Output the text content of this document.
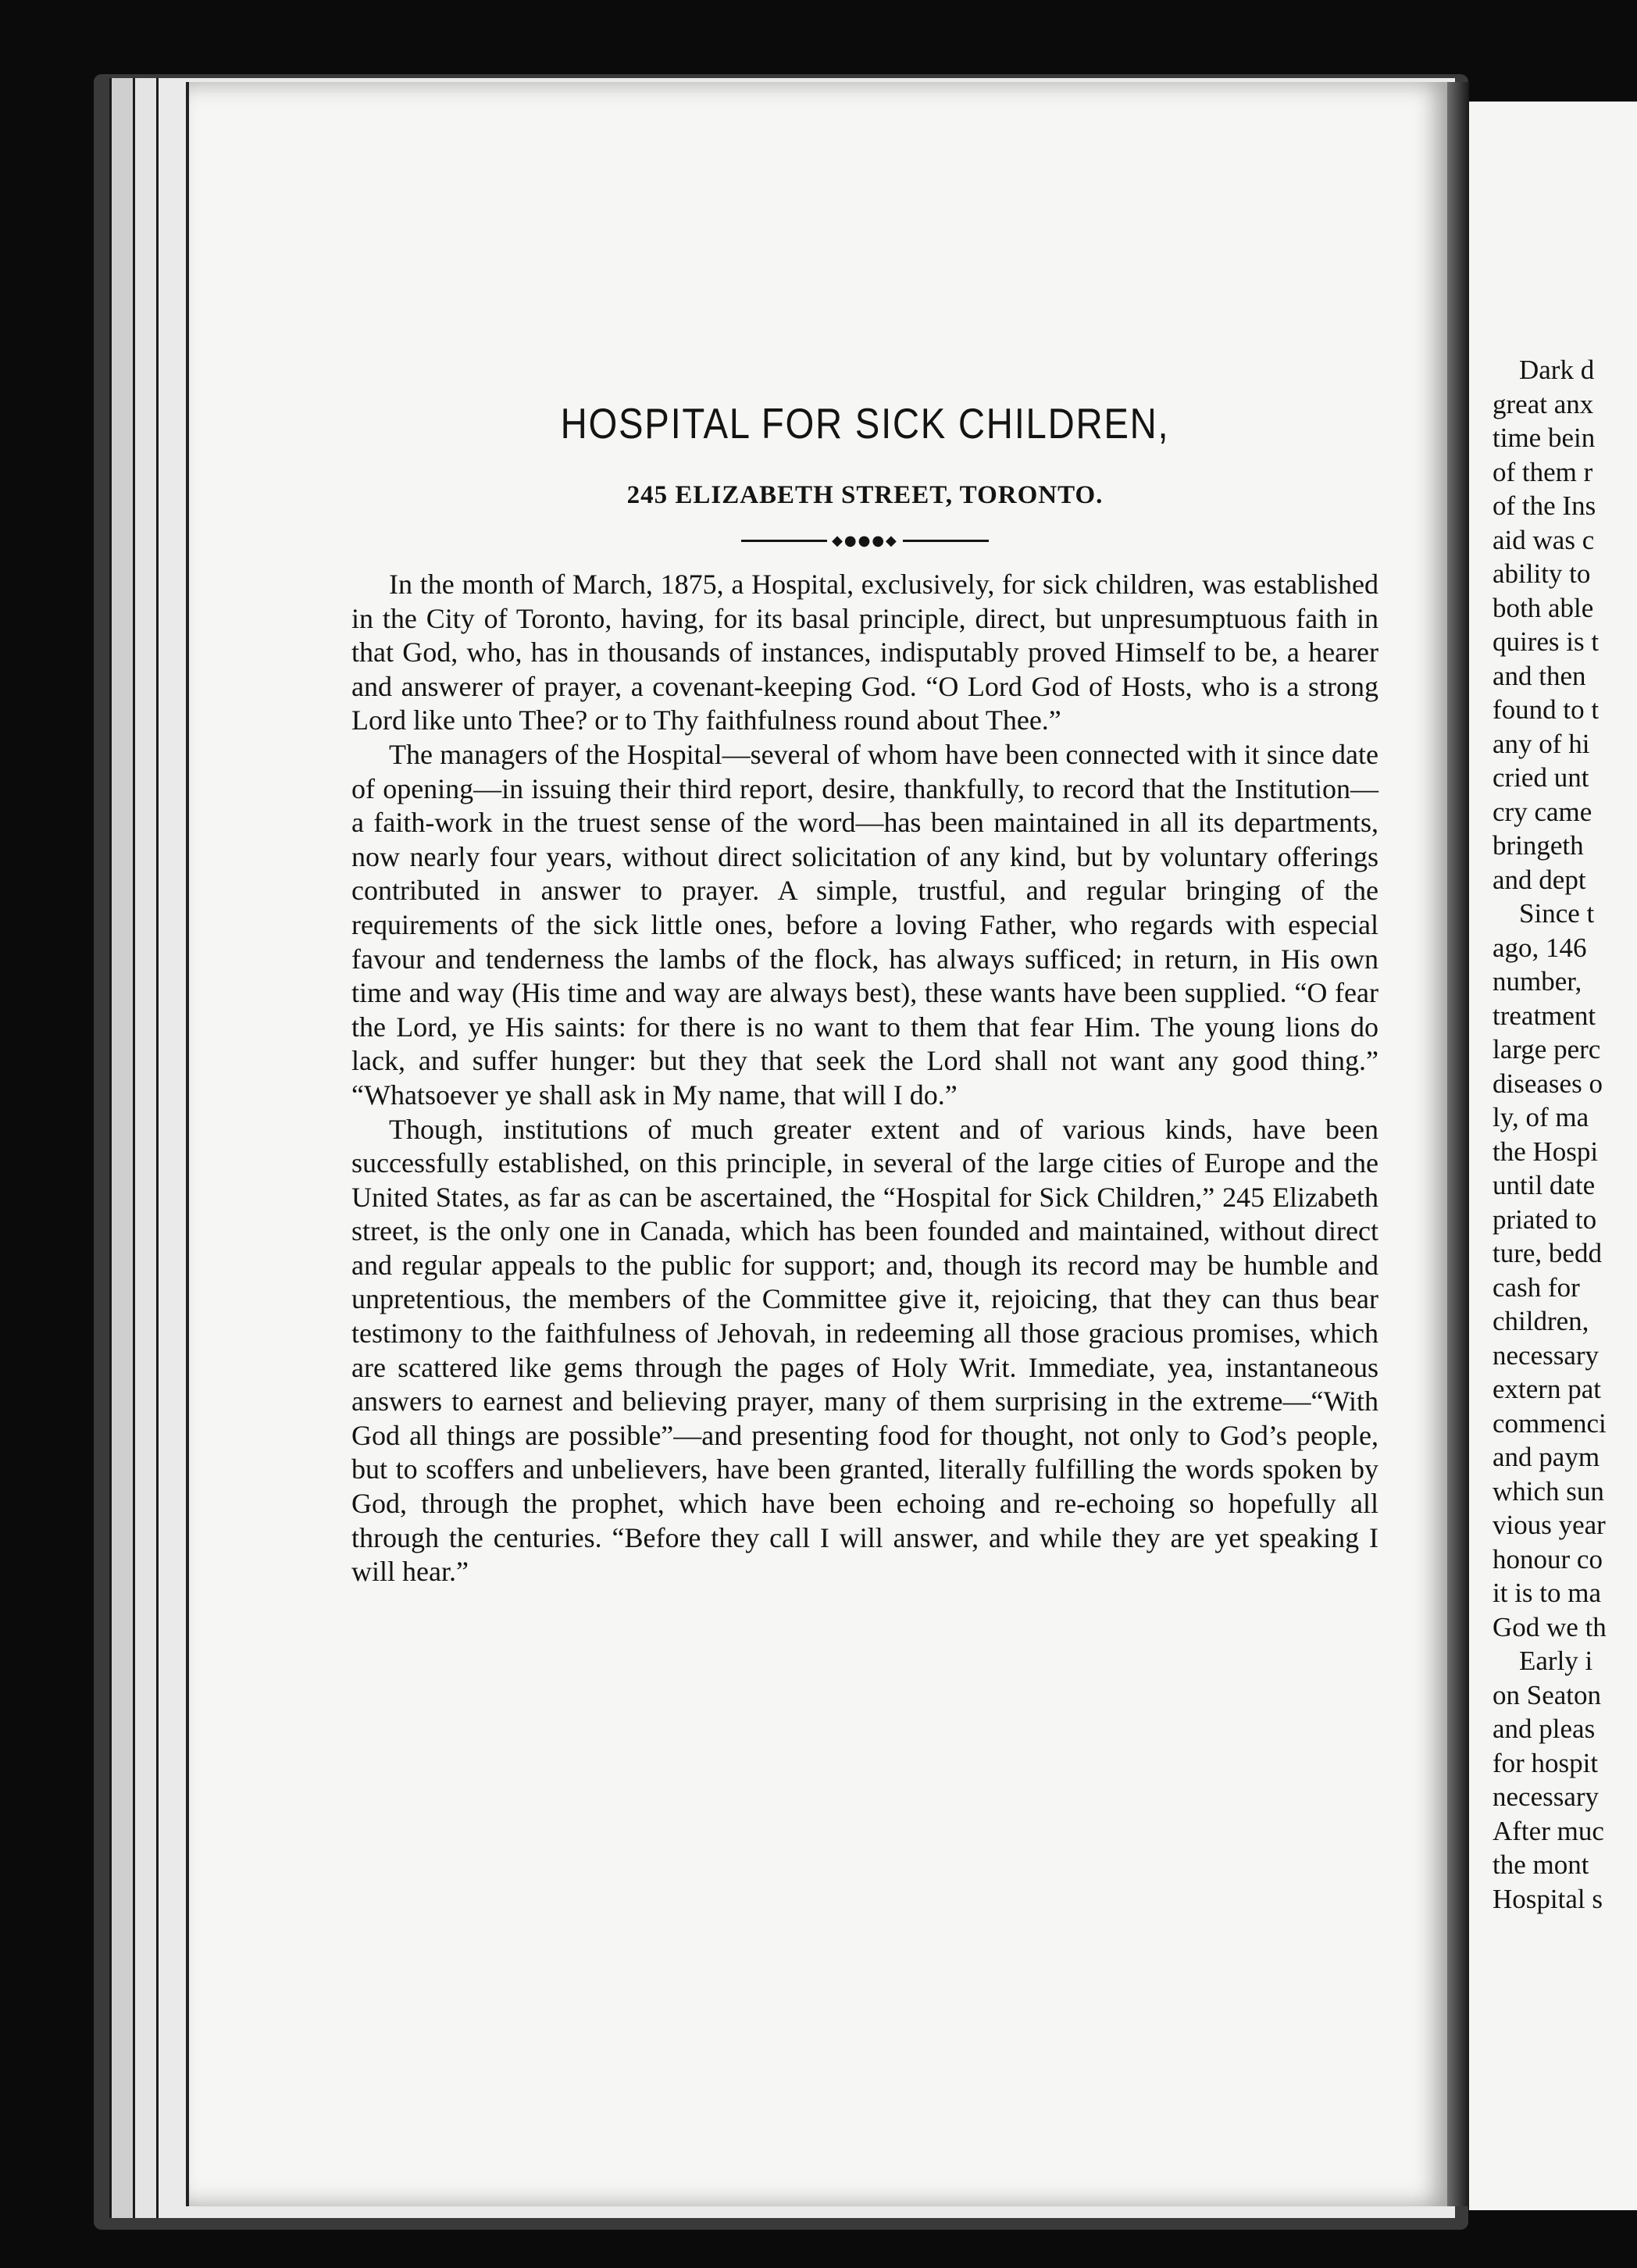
HOSPITAL FOR SICK CHILDREN,
245 ELIZABETH STREET, TORONTO.
◆●●●◆

In the month of March, 1875, a Hospital, exclusively, for sick children, was established in the City of Toronto, having, for its basal principle, direct, but unpresumptuous faith in that God, who, has in thousands of instances, indisputably proved Himself to be, a hearer and answerer of prayer, a covenant-keeping God. “O Lord God of Hosts, who is a strong Lord like unto Thee? or to Thy faithfulness round about Thee.”

The managers of the Hospital—several of whom have been connected with it since date of opening—in issuing their third report, desire, thankfully, to record that the Institution—a faith-work in the truest sense of the word—has been maintained in all its departments, now nearly four years, without direct solicitation of any kind, but by voluntary offerings contributed in answer to prayer. A simple, trustful, and regular bringing of the requirements of the sick little ones, before a loving Father, who regards with especial favour and tenderness the lambs of the flock, has always sufficed; in return, in His own time and way (His time and way are always best), these wants have been supplied. “O fear the Lord, ye His saints: for there is no want to them that fear Him. The young lions do lack, and suffer hunger: but they that seek the Lord shall not want any good thing.” “Whatsoever ye shall ask in My name, that will I do.”

Though, institutions of much greater extent and of various kinds, have been successfully established, on this principle, in several of the large cities of Europe and the United States, as far as can be ascertained, the “Hospital for Sick Children,” 245 Elizabeth street, is the only one in Canada, which has been founded and maintained, without direct and regular appeals to the public for support; and, though its record may be humble and unpretentious, the members of the Committee give it, rejoicing, that they can thus bear testimony to the faithfulness of Jehovah, in redeeming all those gracious promises, which are scattered like gems through the pages of Holy Writ. Immediate, yea, instantaneous answers to earnest and believing prayer, many of them surprising in the extreme—“With God all things are possible”—and presenting food for thought, not only to God’s people, but to scoffers and unbelievers, have been granted, literally fulfilling the words spoken by God, through the prophet, which have been echoing and re-echoing so hopefully all through the centuries. “Before they call I will answer, and while they are yet speaking I will hear.”

Dark d
great anx
time bein
of them r
of the Ins
aid was c
ability to
both able
quires is t
and then
found to t
any of hi
cried unt
cry came
bringeth
and dept
Since t
ago, 146
number,
treatment
large perc
diseases o
ly, of ma
the Hospi
until date
priated to
ture, bedd
cash for
children,
necessary
extern pat
commenci
and paym
which sun
vious year
honour co
it is to ma
God we th
Early i
on Seaton
and pleas
for hospit
necessary
After muc
the mont
Hospital s
